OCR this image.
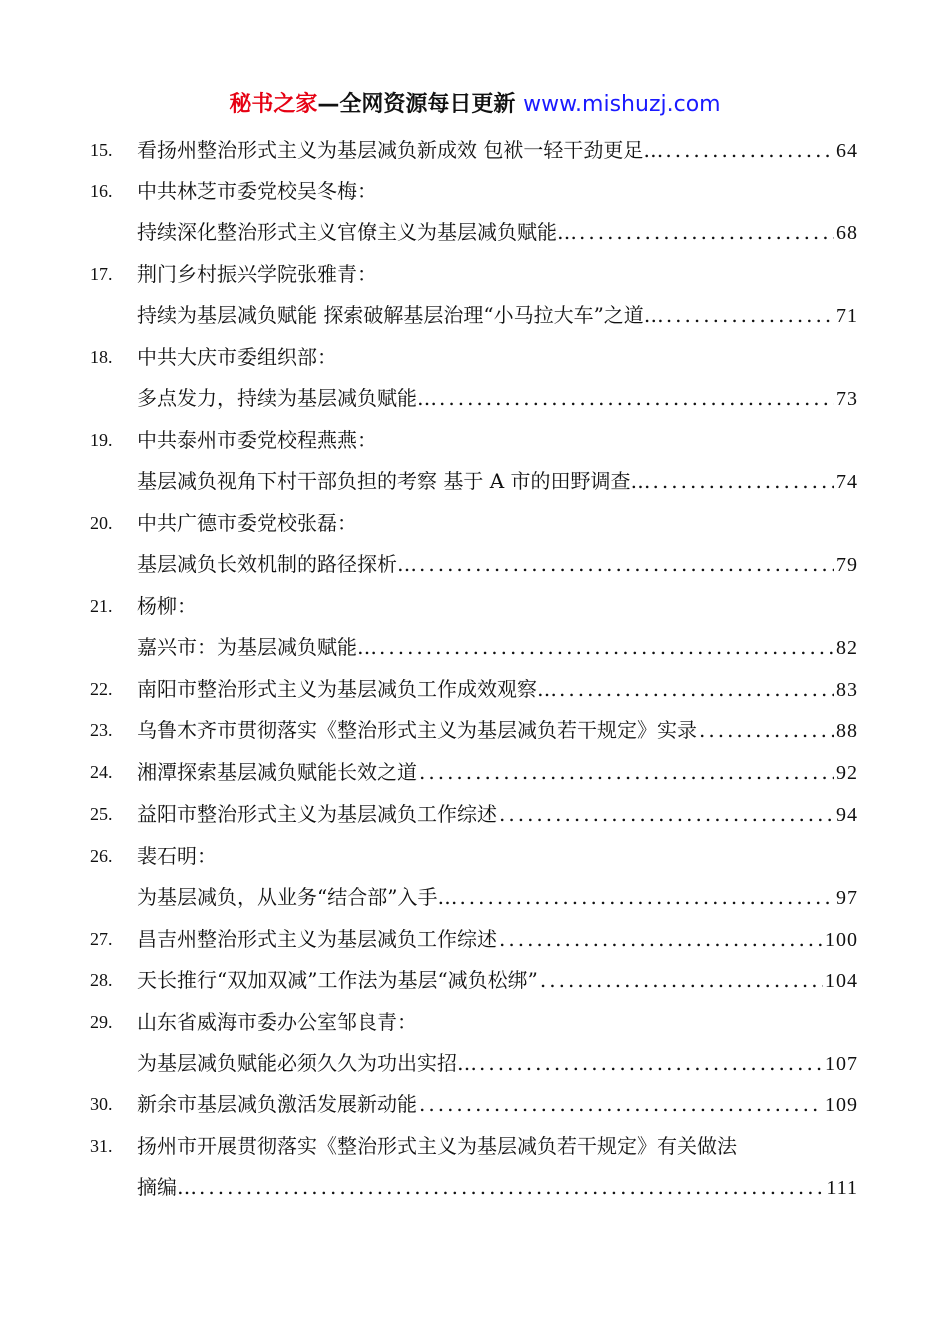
秘书之家—全网资源每日更新 www.mishuzj.com
15.	看扬州整治形式主义为基层减负新成效 包袱一轻干劲更足… .....	64
16.	中共林芝市委党校吴冬梅：
持续深化整治形式主义官僚主义为基层减负赋能… .....	68
17.	荆门乡村振兴学院张雅青：
持续为基层减负赋能 探索破解基层治理“小马拉大车”之道… .....	71
18.	中共大庆市委组织部：
多点发力，持续为基层减负赋能… .....	73
19.	中共泰州市委党校程燕燕：
基层减负视角下村干部负担的考察 基于 A 市的田野调查… .....	74
20.	中共广德市委党校张磊：
基层减负长效机制的路径探析… .....	79
21.	杨柳：
嘉兴市：为基层减负赋能… .....	82
22.	南阳市整治形式主义为基层减负工作成效观察… .....	83
23.	乌鲁木齐市贯彻落实《整治形式主义为基层减负若干规定》实录 .....	88
24.	湘潭探索基层减负赋能长效之道 .....	92
25.	益阳市整治形式主义为基层减负工作综述 .....	94
26.	裴石明：
为基层减负，从业务“结合部”入手… .....	97
27.	昌吉州整治形式主义为基层减负工作综述 .....	100
28.	天长推行“双加双减”工作法为基层“减负松绑” .....	104
29.	山东省威海市委办公室邹良青：
为基层减负赋能必须久久为功出实招… .....	107
30.	新余市基层减负激活发展新动能 .....	109
31.	扬州市开展贯彻落实《整治形式主义为基层减负若干规定》有关做法
摘编… .....	111
